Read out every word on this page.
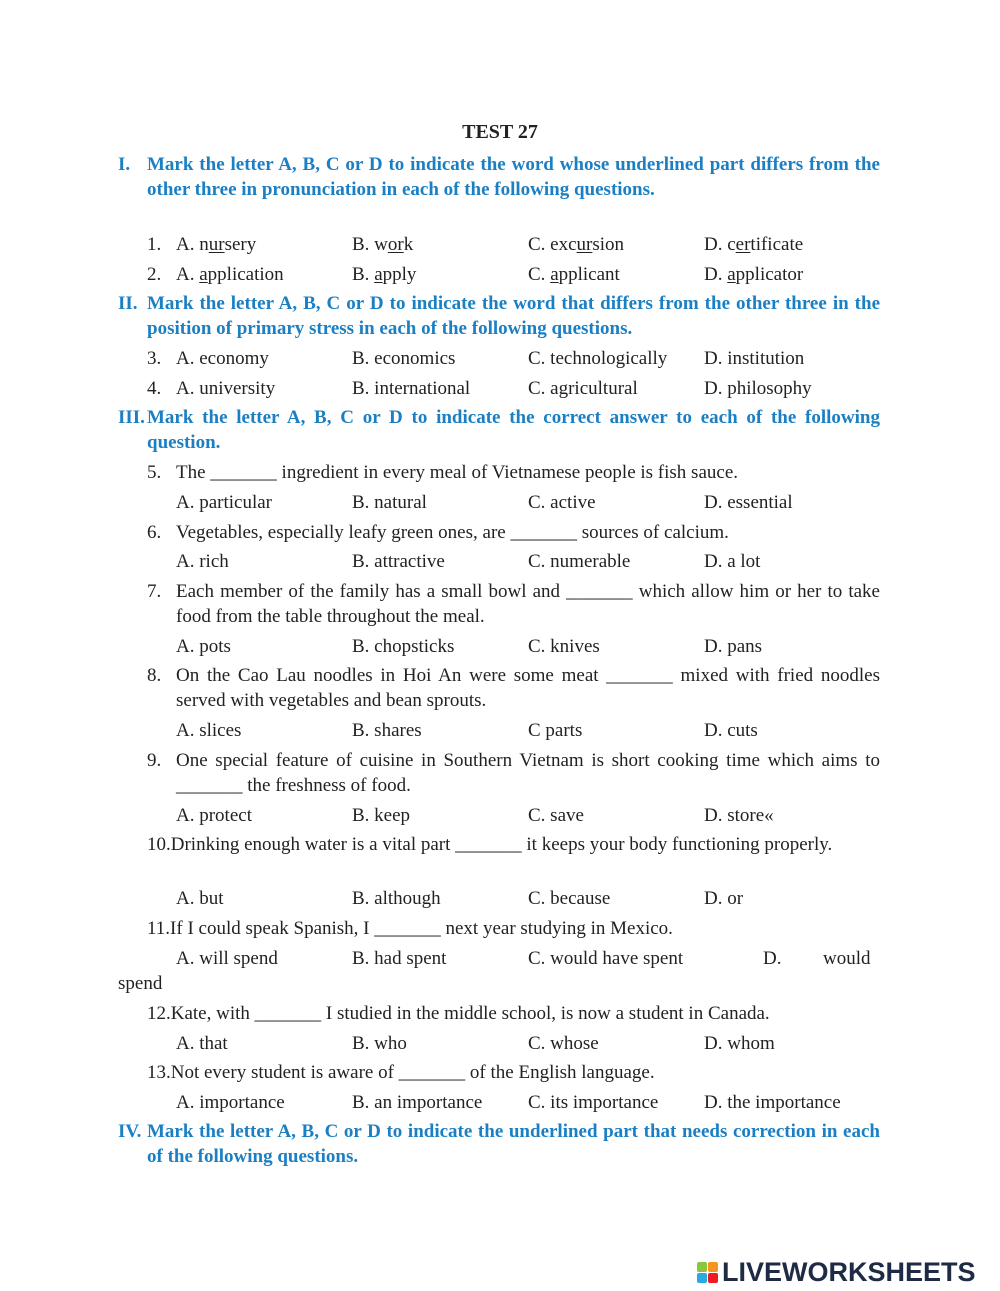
TEST 27
I. Mark the letter A, B, C or D to indicate the word whose underlined part differs from the other three in pronunciation in each of the following questions.
1. A. nursery	B. work	C. excursion	D. certificate
2. A. application	B. apply	C. applicant	D. applicator
II. Mark the letter A, B, C or D to indicate the word that differs from the other three in the position of primary stress in each of the following questions.
3. A. economy	B. economics	C. technologically D. institution
4. A. university	B. international	C. agricultural	D. philosophy
III. Mark the letter A, B, C or D to indicate the correct answer to each of the following question.
5. The _______ ingredient in every meal of Vietnamese people is fish sauce.
A. particular	B. natural	C. active	D. essential
6. Vegetables, especially leafy green ones, are _______ sources of calcium.
A. rich	B. attractive	C. numerable	D. a lot
7. Each member of the family has a small bowl and _______ which allow him or her to take food from the table throughout the meal.
A. pots	B. chopsticks	C. knives	D. pans
8. On the Cao Lau noodles in Hoi An were some meat _______ mixed with fried noodles served with vegetables and bean sprouts.
A. slices	B. shares	C parts	D. cuts
9. One special feature of cuisine in Southern Vietnam is short cooking time which aims to _______ the freshness of food.
A. protect	B. keep	C. save	D. store«
10.Drinking enough water is a vital part _______ it keeps your body functioning properly.
A. but	B. although	C. because	D. or
11.If I could speak Spanish, I _______ next year studying in Mexico.
A. will spend	B. had spent	C. would have spent	D. would
spend
12.Kate, with _______ I studied in the middle school, is now a student in Canada.
A. that	B. who	C. whose	D. whom
13.Not every student is aware of _______ of the English language.
A. importance	B. an importance C. its importance D. the importance
IV. Mark the letter A, B, C or D to indicate the underlined part that needs correction in each of the following questions.
LIVEWORKSHEETS
